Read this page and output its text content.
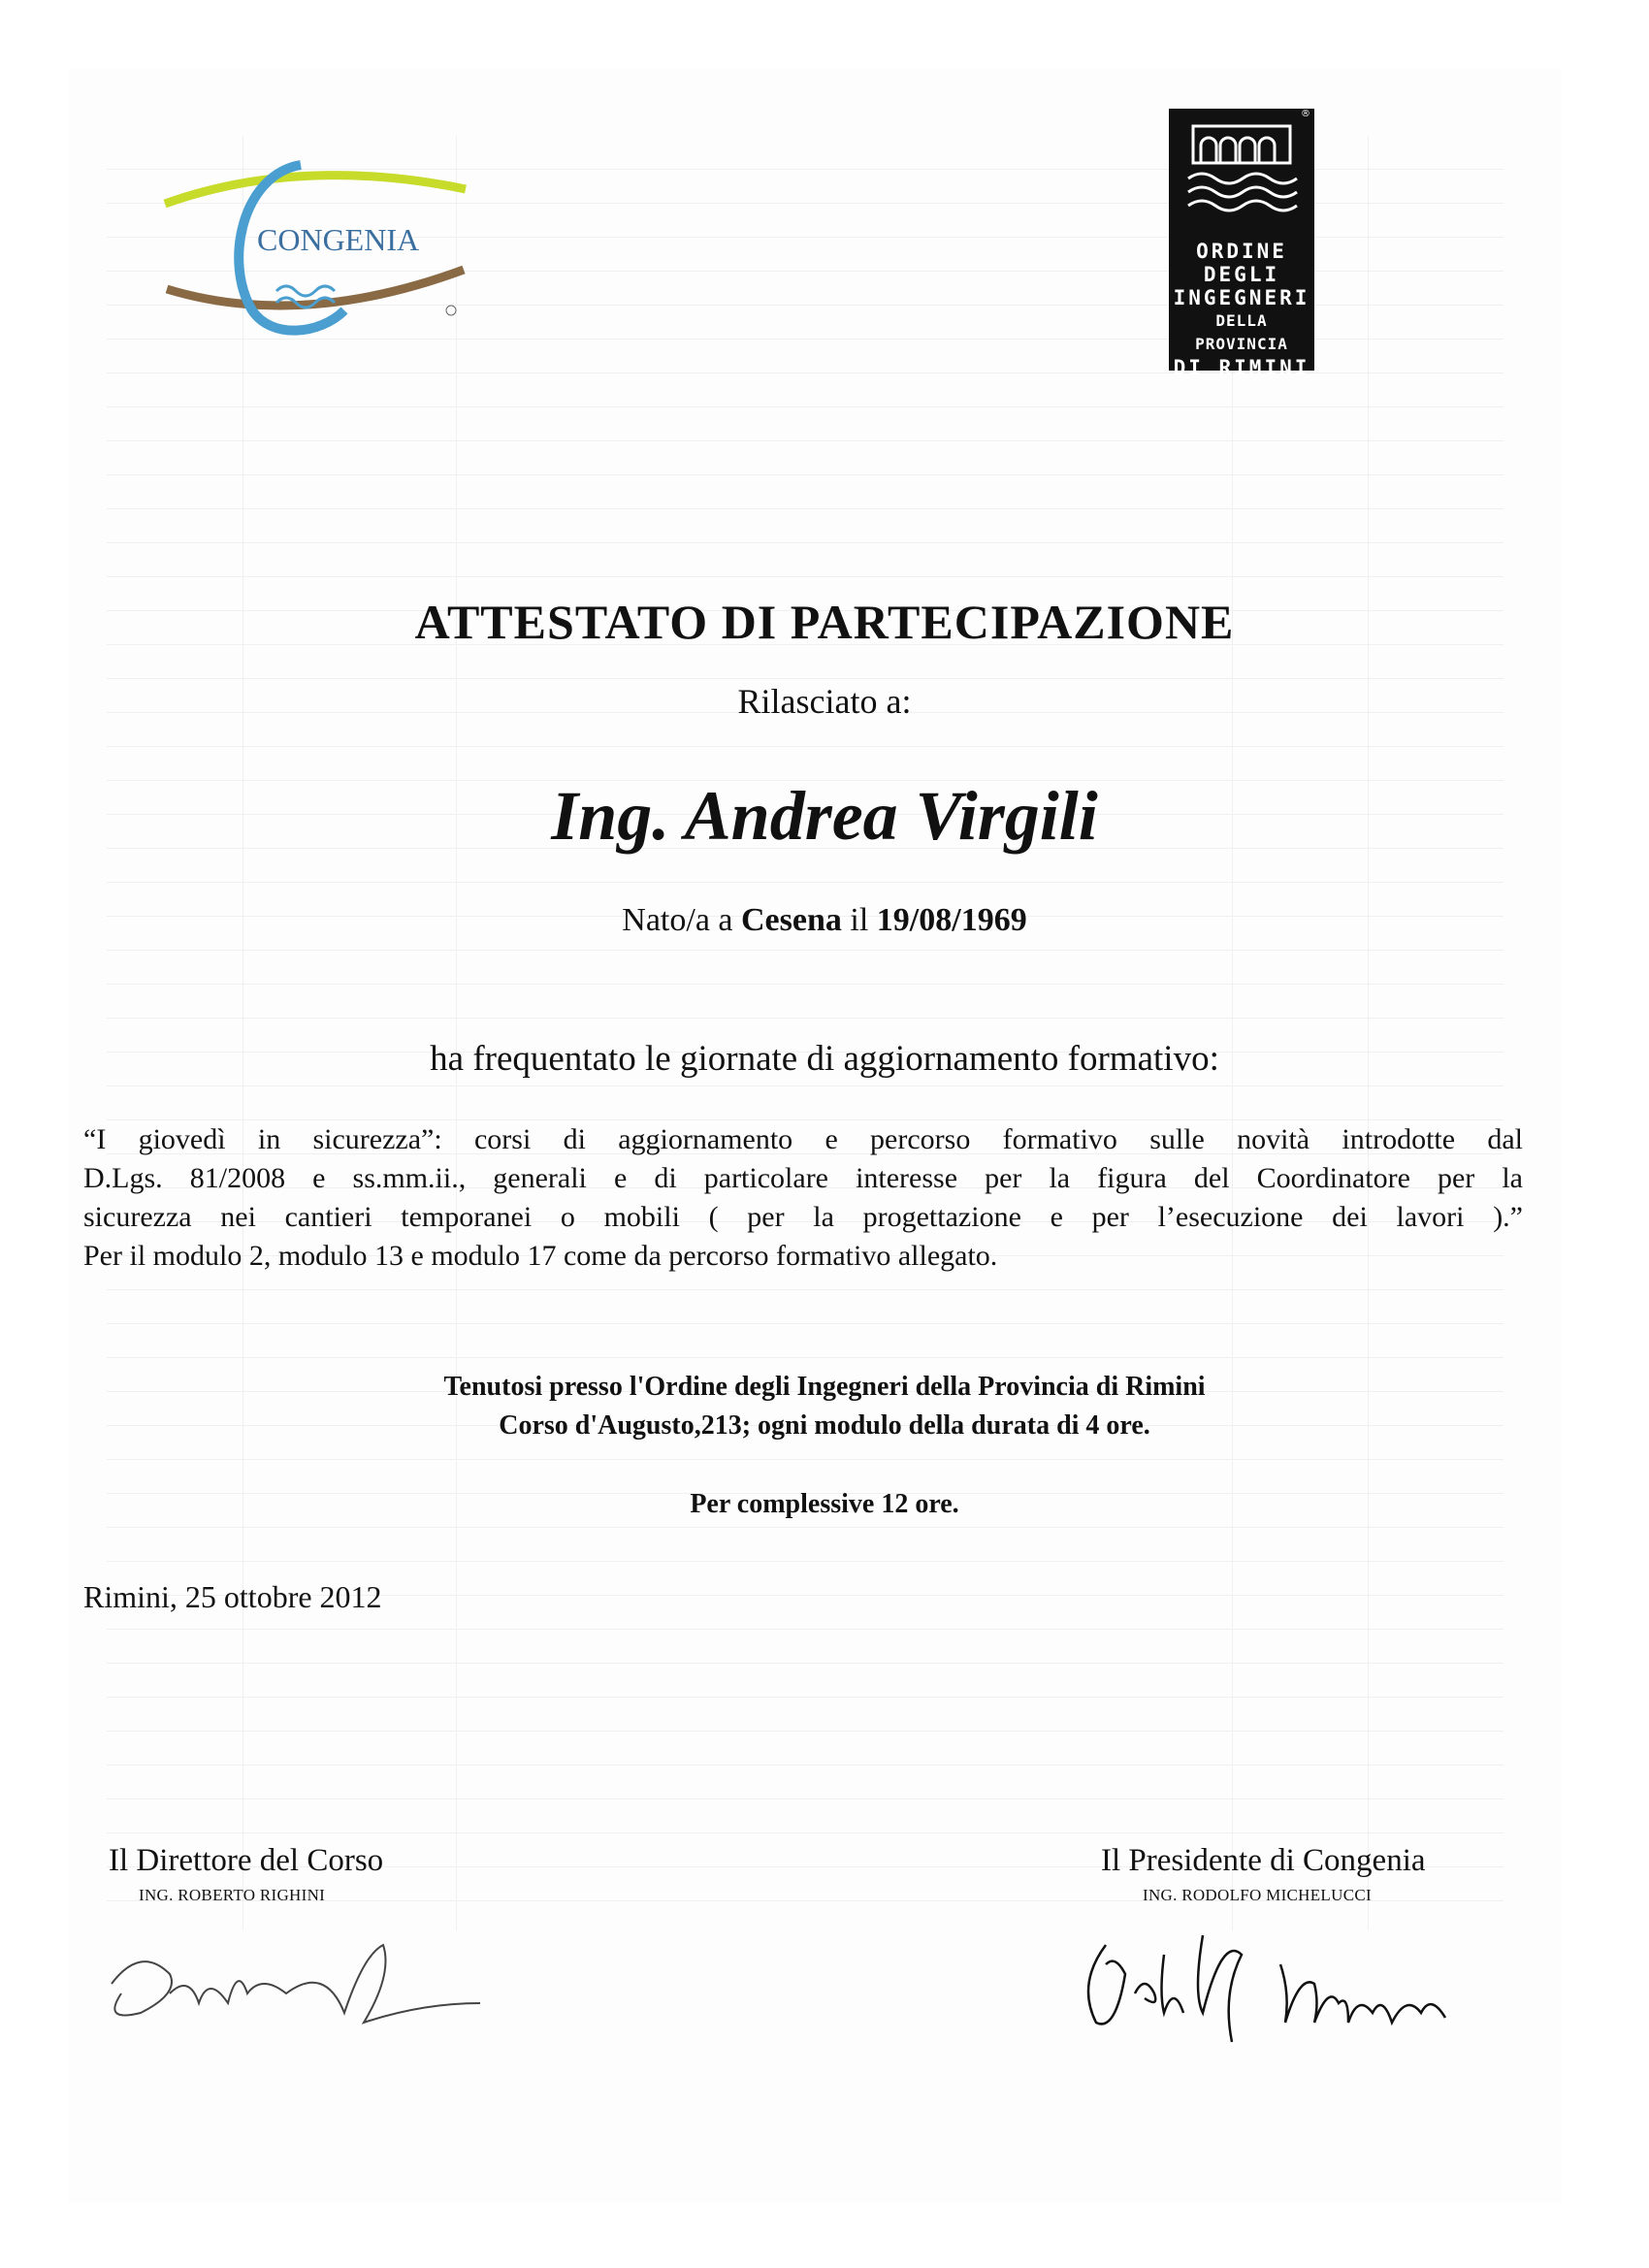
CONGENIA
®
ORDINE DEGLI
INGEGNERI
DELLA PROVINCIA
DI RIMINI
ATTESTATO DI PARTECIPAZIONE
Rilasciato a:
Ing. Andrea Virgili
Nato/a a Cesena il 19/08/1969
ha frequentato le giornate di aggiornamento formativo:
“I giovedì in sicurezza”: corsi di aggiornamento e percorso formativo sulle novità introdotte dal
D.Lgs. 81/2008 e ss.mm.ii., generali e di particolare interesse per la figura del Coordinatore per la
sicurezza nei cantieri temporanei o mobili ( per la progettazione e per l’esecuzione dei lavori ).”
Per il modulo 2, modulo 13 e modulo 17 come da percorso formativo allegato.
Tenutosi presso l'Ordine degli Ingegneri della Provincia di Rimini
Corso d'Augusto,213; ogni modulo della durata di 4 ore.
Per complessive 12 ore.
Rimini, 25 ottobre 2012
Il Direttore del Corso
ING. ROBERTO RIGHINI
Il Presidente di Congenia
ING. RODOLFO MICHELUCCI
